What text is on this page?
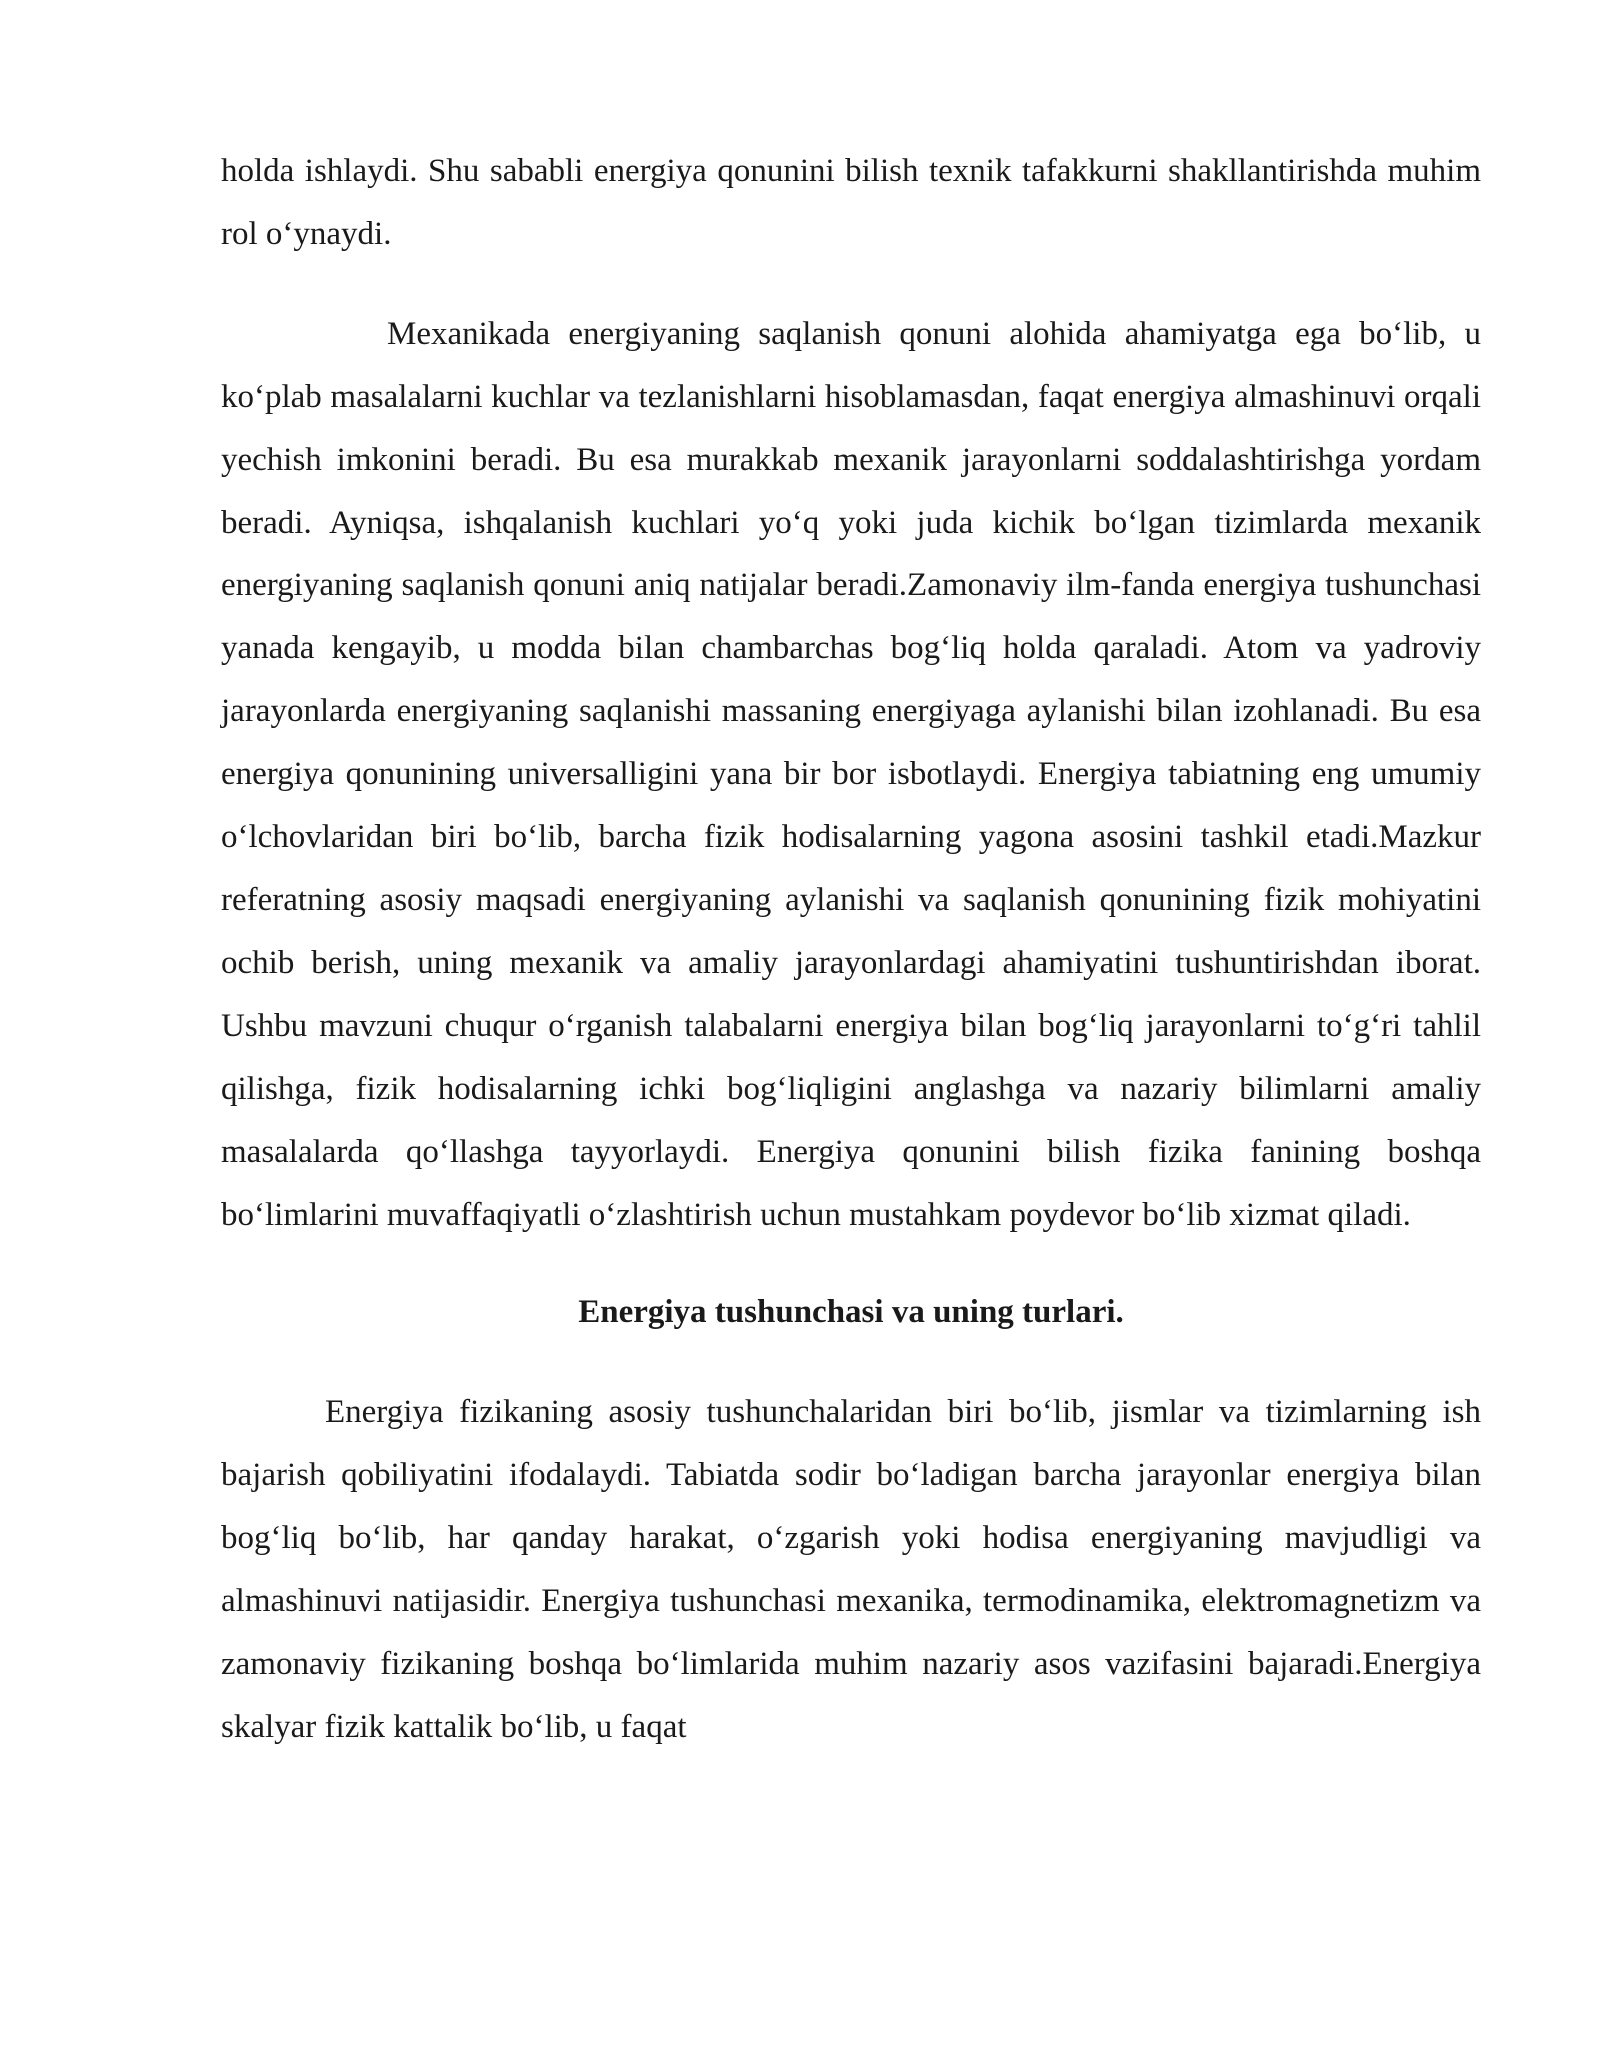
holda ishlaydi. Shu sababli energiya qonunini bilish texnik tafakkurni shakllantirishda muhim rol o‘ynaydi.

Mexanikada energiyaning saqlanish qonuni alohida ahamiyatga ega bo‘lib, u ko‘plab masalalarni kuchlar va tezlanishlarni hisoblamasdan, faqat energiya almashinuvi orqali yechish imkonini beradi. Bu esa murakkab mexanik jarayonlarni soddalashtirishga yordam beradi. Ayniqsa, ishqalanish kuchlari yo‘q yoki juda kichik bo‘lgan tizimlarda mexanik energiyaning saqlanish qonuni aniq natijalar beradi.Zamonaviy ilm-fanda energiya tushunchasi yanada kengayib, u modda bilan chambarchas bog‘liq holda qaraladi. Atom va yadroviy jarayonlarda energiyaning saqlanishi massaning energiyaga aylanishi bilan izohlanadi. Bu esa energiya qonunining universalligini yana bir bor isbotlaydi. Energiya tabiatning eng umumiy o‘lchovlaridan biri bo‘lib, barcha fizik hodisalarning yagona asosini tashkil etadi.Mazkur referatning asosiy maqsadi energiyaning aylanishi va saqlanish qonunining fizik mohiyatini ochib berish, uning mexanik va amaliy jarayonlardagi ahamiyatini tushuntirishdan iborat. Ushbu mavzuni chuqur o‘rganish talabalarni energiya bilan bog‘liq jarayonlarni to‘g‘ri tahlil qilishga, fizik hodisalarning ichki bog‘liqligini anglashga va nazariy bilimlarni amaliy masalalarda qo‘llashga tayyorlaydi. Energiya qonunini bilish fizika fanining boshqa bo‘limlarini muvaffaqiyatli o‘zlashtirish uchun mustahkam poydevor bo‘lib xizmat qiladi.

Energiya tushunchasi va uning turlari.

Energiya fizikaning asosiy tushunchalaridan biri bo‘lib, jismlar va tizimlarning ish bajarish qobiliyatini ifodalaydi. Tabiatda sodir bo‘ladigan barcha jarayonlar energiya bilan bog‘liq bo‘lib, har qanday harakat, o‘zgarish yoki hodisa energiyaning mavjudligi va almashinuvi natijasidir. Energiya tushunchasi mexanika, termodinamika, elektromagnetizm va zamonaviy fizikaning boshqa bo‘limlarida muhim nazariy asos vazifasini bajaradi.Energiya skalyar fizik kattalik bo‘lib, u faqat
